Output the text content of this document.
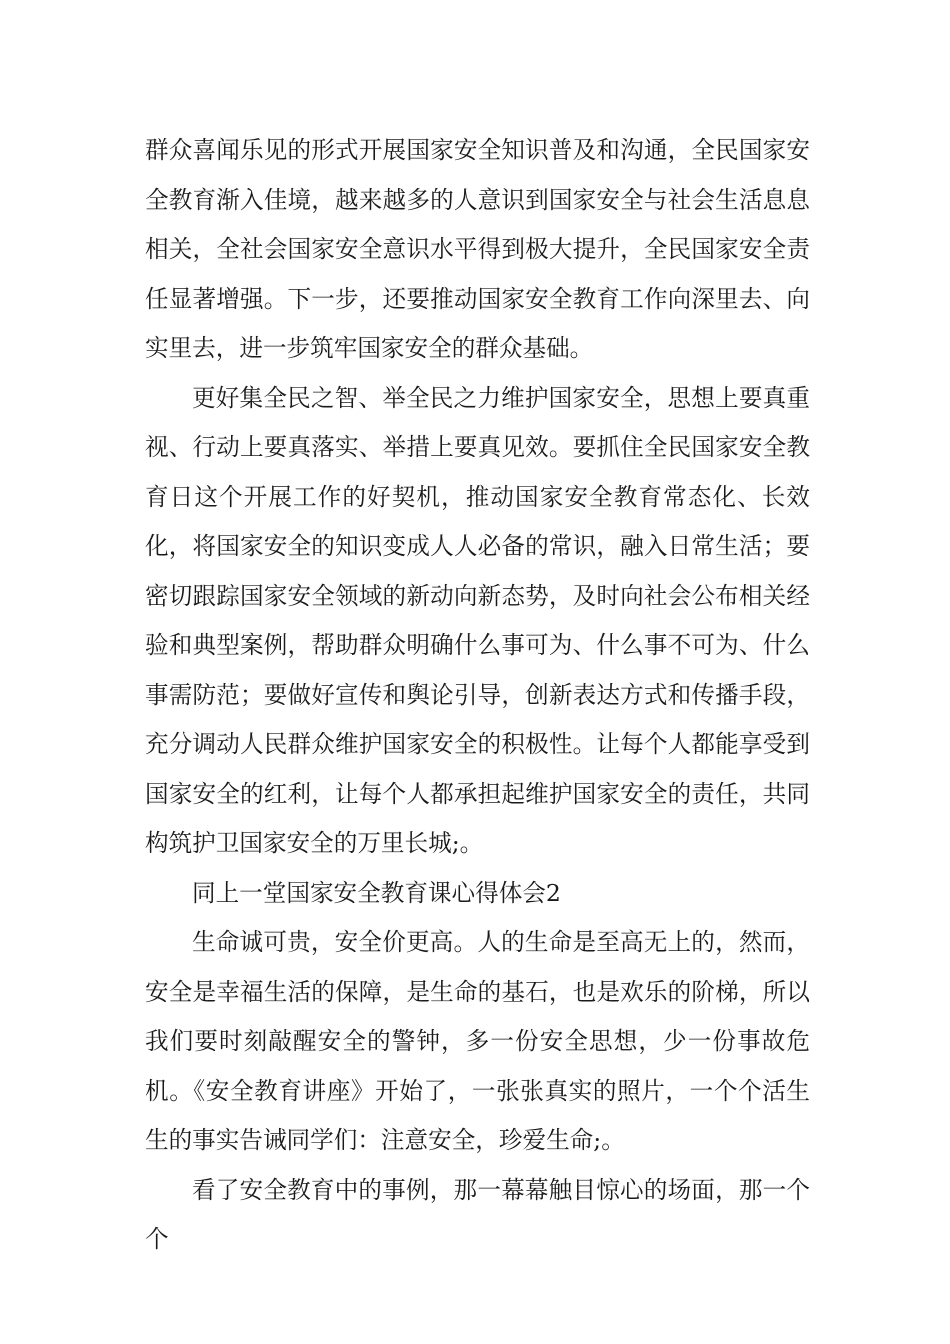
群众喜闻乐见的形式开展国家安全知识普及和沟通，全民国家安全教育渐入佳境，越来越多的人意识到国家安全与社会生活息息相关，全社会国家安全意识水平得到极大提升，全民国家安全责任显著增强。下一步，还要推动国家安全教育工作向深里去、向实里去，进一步筑牢国家安全的群众基础。

更好集全民之智、举全民之力维护国家安全，思想上要真重视、行动上要真落实、举措上要真见效。要抓住全民国家安全教育日这个开展工作的好契机，推动国家安全教育常态化、长效化，将国家安全的知识变成人人必备的常识，融入日常生活；要密切跟踪国家安全领域的新动向新态势，及时向社会公布相关经验和典型案例，帮助群众明确什么事可为、什么事不可为、什么事需防范；要做好宣传和舆论引导，创新表达方式和传播手段，充分调动人民群众维护国家安全的积极性。让每个人都能享受到国家安全的红利，让每个人都承担起维护国家安全的责任，共同构筑护卫国家安全的万里长城;。

同上一堂国家安全教育课心得体会2

生命诚可贵，安全价更高。人的生命是至高无上的，然而，安全是幸福生活的保障，是生命的基石，也是欢乐的阶梯，所以我们要时刻敲醒安全的警钟，多一份安全思想，少一份事故危机。《安全教育讲座》开始了，一张张真实的照片，一个个活生生的事实告诫同学们：注意安全，珍爱生命;。

看了安全教育中的事例，那一幕幕触目惊心的场面，那一个个
